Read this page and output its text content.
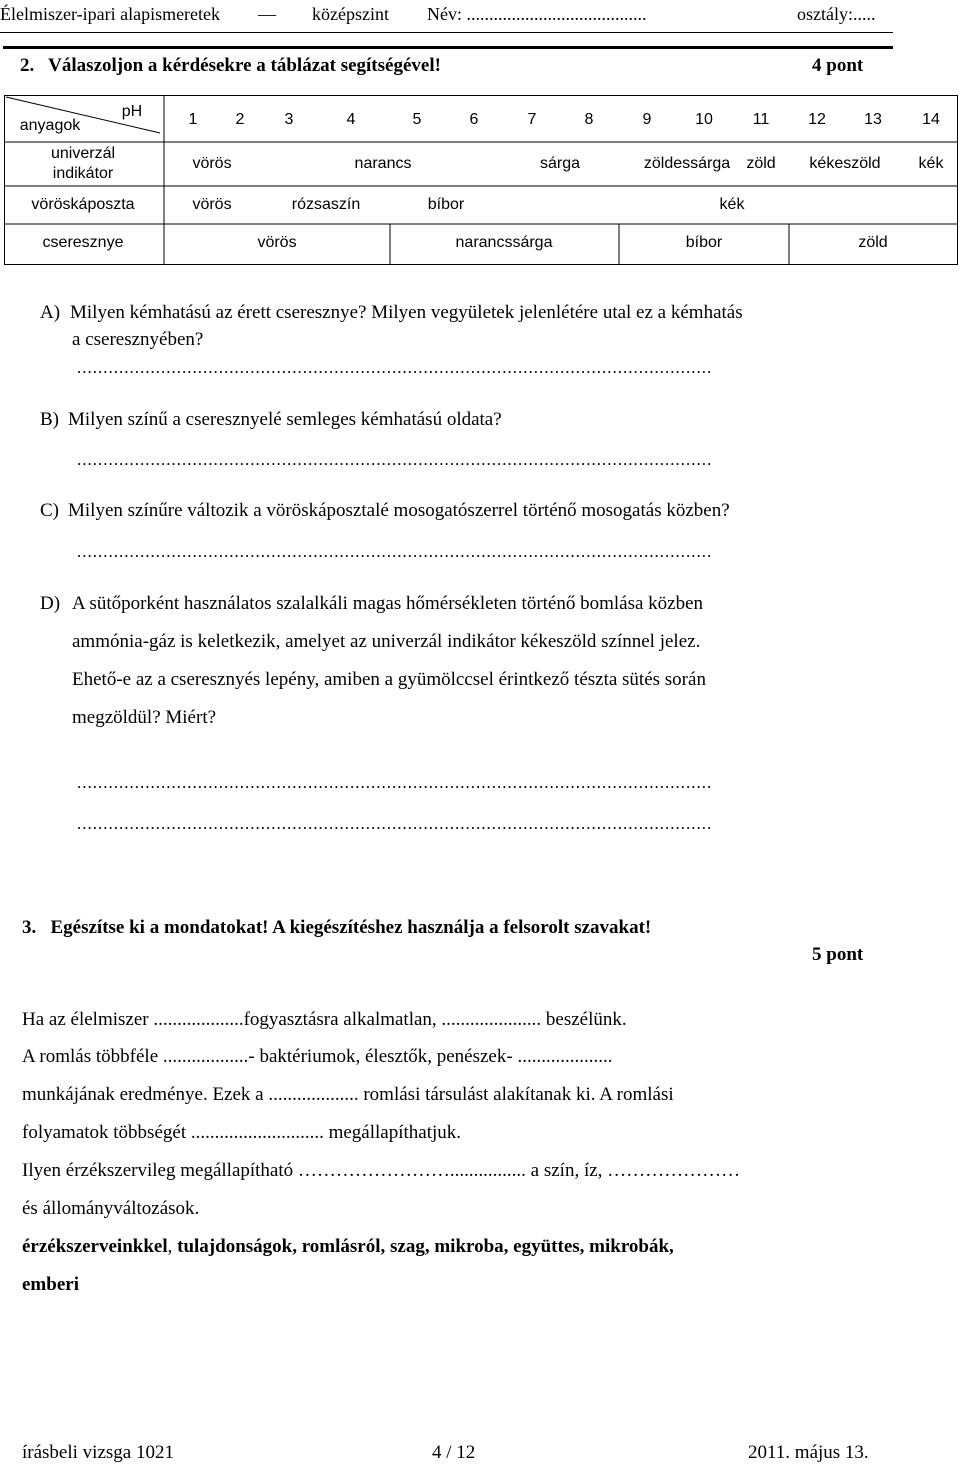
Élelmiszer-ipari alapismeretek — középszint Név: ........................................	osztály:.....
2. Válaszoljon a kérdésekre a táblázat segítségével!	4 pont
pH
anyagok	1 2	3	4	5	6	7	8	9	10 11 12 13	14
univerzál
indikátor
vörös	narancs	sárga	zöldessárga zöld kékeszöld kék
vöröskáposzta	vörös	rózsaszín	bíbor	kék
cseresznye	vörös	narancssárga	bíbor	zöld
A) Milyen kémhatású az érett cseresznye? Milyen vegyületek jelenlétére utal ez a kémhatás
a cseresznyében?
.........................................................................................................................
B) Milyen színű a cseresznyelé semleges kémhatású oldata?
.........................................................................................................................
C) Milyen színűre változik a vöröskáposztalé mosogatószerrel történő mosogatás közben?
.........................................................................................................................
D) A sütőporként használatos szalalkáli magas hőmérsékleten történő bomlása közben
ammónia-gáz is keletkezik, amelyet az univerzál indikátor kékeszöld színnel jelez.
Ehető-e az a cseresznyés lepény, amiben a gyümölccsel érintkező tészta sütés során
megzöldül? Miért?
.........................................................................................................................
.........................................................................................................................
3. Egészítse ki a mondatokat! A kiegészítéshez használja a felsorolt szavakat!
5 pont
Ha az élelmiszer ...................fogyasztásra alkalmatlan, ..................... beszélünk.
A romlás többféle ..................- baktériumok, élesztők, penészek- ....................
munkájának eredménye. Ezek a ................... romlási társulást alakítanak ki. A romlási
folyamatok többségét ............................ megállapíthatjuk.
Ilyen érzékszervileg megállapítható ……………………................ a szín, íz, …………………
és állományváltozások.
érzékszerveinkkel, tulajdonságok, romlásról, szag, mikroba, együttes, mikrobák,
emberi
írásbeli vizsga 1021	4 / 12	2011. május 13.
